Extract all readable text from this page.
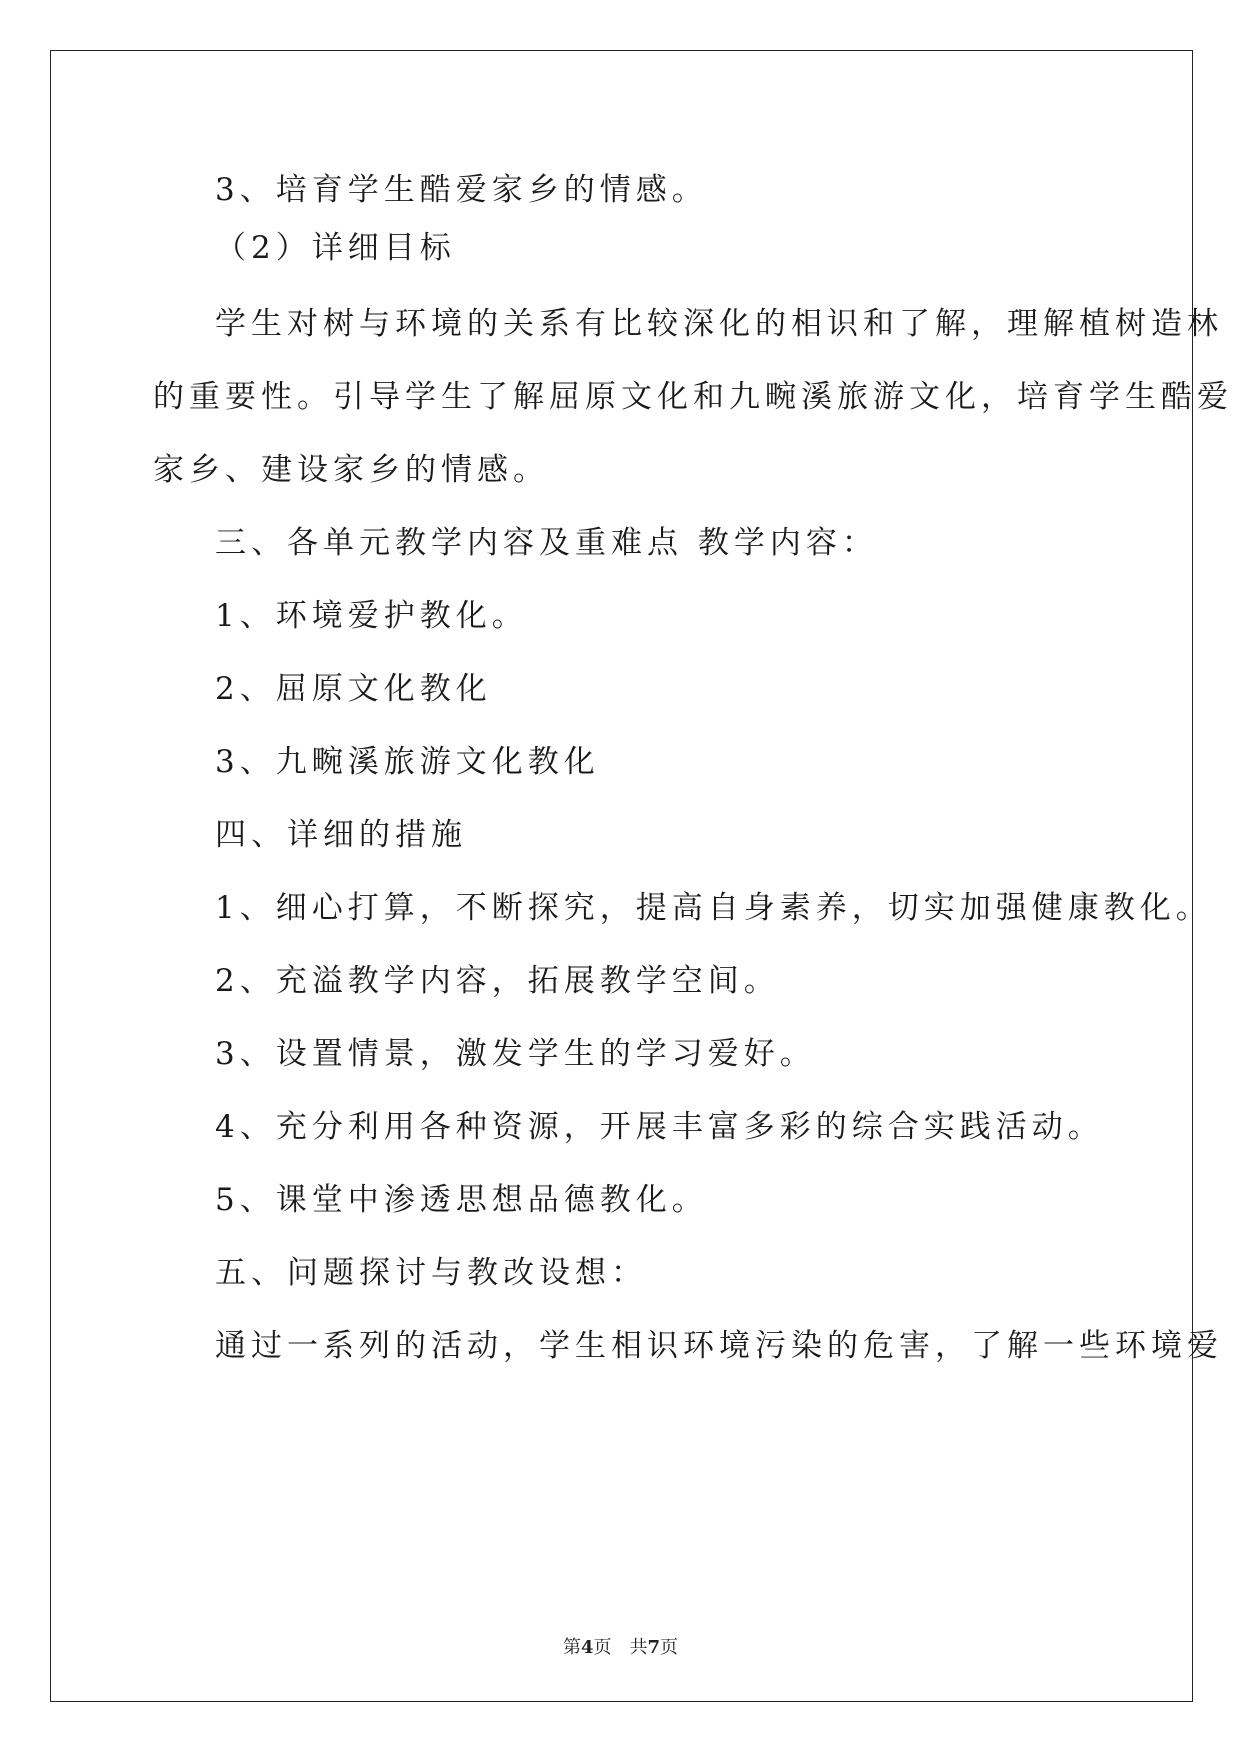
3、培育学生酷爱家乡的情感。
（2）详细目标
学生对树与环境的关系有比较深化的相识和了解，理解植树造林
的重要性。引导学生了解屈原文化和九畹溪旅游文化，培育学生酷爱
家乡、建设家乡的情感。
三、各单元教学内容及重难点 教学内容：
1、环境爱护教化。
2、屈原文化教化
3、九畹溪旅游文化教化
四、详细的措施
1、细心打算，不断探究，提高自身素养，切实加强健康教化。
2、充溢教学内容，拓展教学空间。
3、设置情景，激发学生的学习爱好。
4、充分利用各种资源，开展丰富多彩的综合实践活动。
5、课堂中渗透思想品德教化。
五、问题探讨与教改设想：
通过一系列的活动，学生相识环境污染的危害，了解一些环境爱
第4页 共7页
